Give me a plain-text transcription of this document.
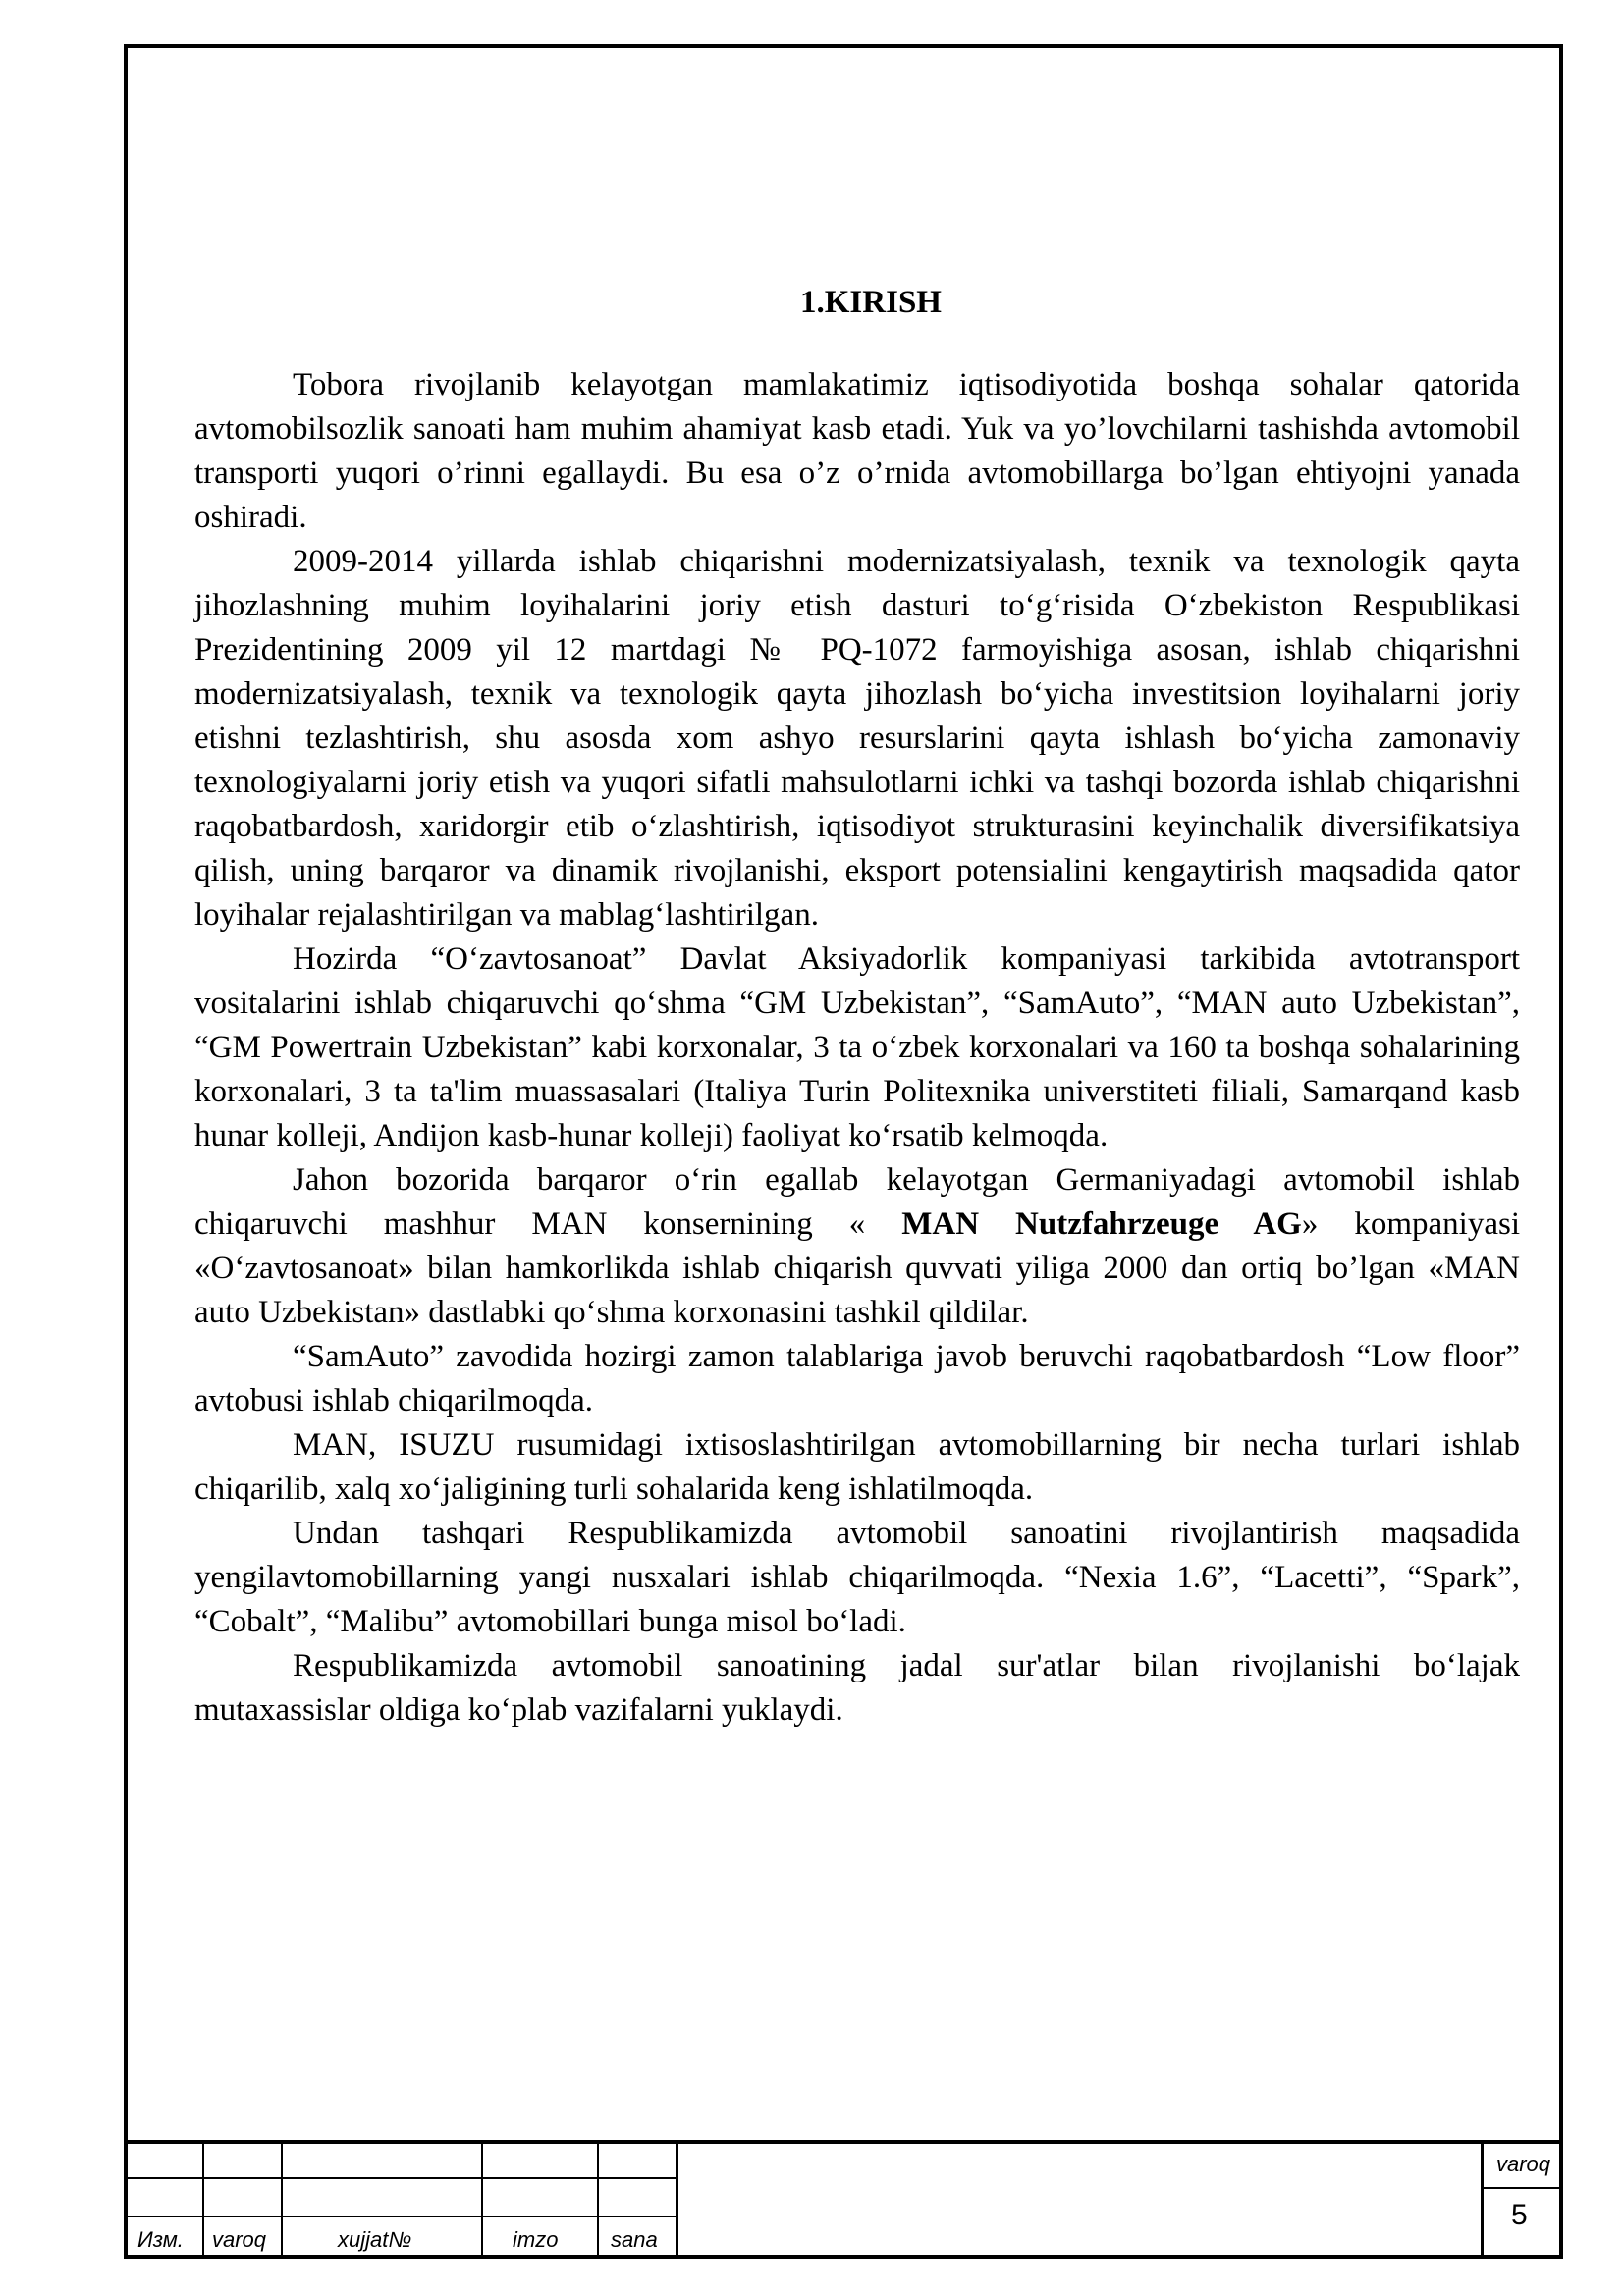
1.KIRISH

Tobora rivojlanib kelayotgan mamlakatimiz iqtisodiyotida boshqa sohalar qatorida avtomobilsozlik sanoati ham muhim ahamiyat kasb etadi. Yuk va yo’lovchilarni tashishda avtomobil transporti yuqori o’rinni egallaydi. Bu esa o’z o’rnida avtomobillarga bo’lgan ehtiyojni yanada oshiradi.

2009-2014 yillarda ishlab chiqarishni modernizatsiyalash, texnik va texnologik qayta jihozlashning muhim loyihalarini joriy etish dasturi to‘g‘risida O‘zbekiston Respublikasi Prezidentining 2009 yil 12 martdagi № PQ-1072 farmoyishiga asosan, ishlab chiqarishni modernizatsiyalash, texnik va texnologik qayta jihozlash bo‘yicha investitsion loyihalarni joriy etishni tezlashtirish, shu asosda xom ashyo resurslarini qayta ishlash bo‘yicha zamonaviy texnologiyalarni joriy etish va yuqori sifatli mahsulotlarni ichki va tashqi bozorda ishlab chiqarishni raqobatbardosh, xaridorgir etib o‘zlashtirish, iqtisodiyot strukturasini keyinchalik diversifikatsiya qilish, uning barqaror va dinamik rivojlanishi, eksport potensialini kengaytirish maqsadida qator loyihalar rejalashtirilgan va mablag‘lashtirilgan.

Hozirda “O‘zavtosanoat” Davlat Aksiyadorlik kompaniyasi tarkibida avtotransport vositalarini ishlab chiqaruvchi qo‘shma “GM Uzbekistan”, “SamAuto”, “MAN auto Uzbekistan”, “GM Powertrain Uzbekistan” kabi korxonalar, 3 ta o‘zbek korxonalari va 160 ta boshqa sohalarining korxonalari, 3 ta ta'lim muassasalari (Italiya Turin Politexnika universtiteti filiali, Samarqand kasb hunar kolleji, Andijon kasb-hunar kolleji) faoliyat ko‘rsatib kelmoqda.

Jahon bozorida barqaror o‘rin egallab kelayotgan Germaniyadagi avtomobil ishlab chiqaruvchi mashhur MAN konsernining « MAN Nutzfahrzeuge AG» kompaniyasi «O‘zavtosanoat» bilan hamkorlikda ishlab chiqarish quvvati yiliga 2000 dan ortiq bo’lgan «MAN auto Uzbekistan» dastlabki qo‘shma korxonasini tashkil qildilar.

“SamAuto” zavodida hozirgi zamon talablariga javob beruvchi raqobatbardosh “Low floor” avtobusi ishlab chiqarilmoqda.

MAN, ISUZU rusumidagi ixtisoslashtirilgan avtomobillarning bir necha turlari ishlab chiqarilib, xalq xo‘jaligining turli sohalarida keng ishlatilmoqda.

Undan tashqari Respublikamizda avtomobil sanoatini rivojlantirish maqsadida yengilavtomobillarning yangi nusxalari ishlab chiqarilmoqda. “Nexia 1.6”, “Lacetti”, “Spark”, “Cobalt”, “Malibu” avtomobillari bunga misol bo‘ladi.

Respublikamizda avtomobil sanoatining jadal sur'atlar bilan rivojlanishi bo‘lajak mutaxassislar oldiga ko‘plab vazifalarni yuklaydi.

Изм. varoq	xujjat№	imzo sana
varoq
5
